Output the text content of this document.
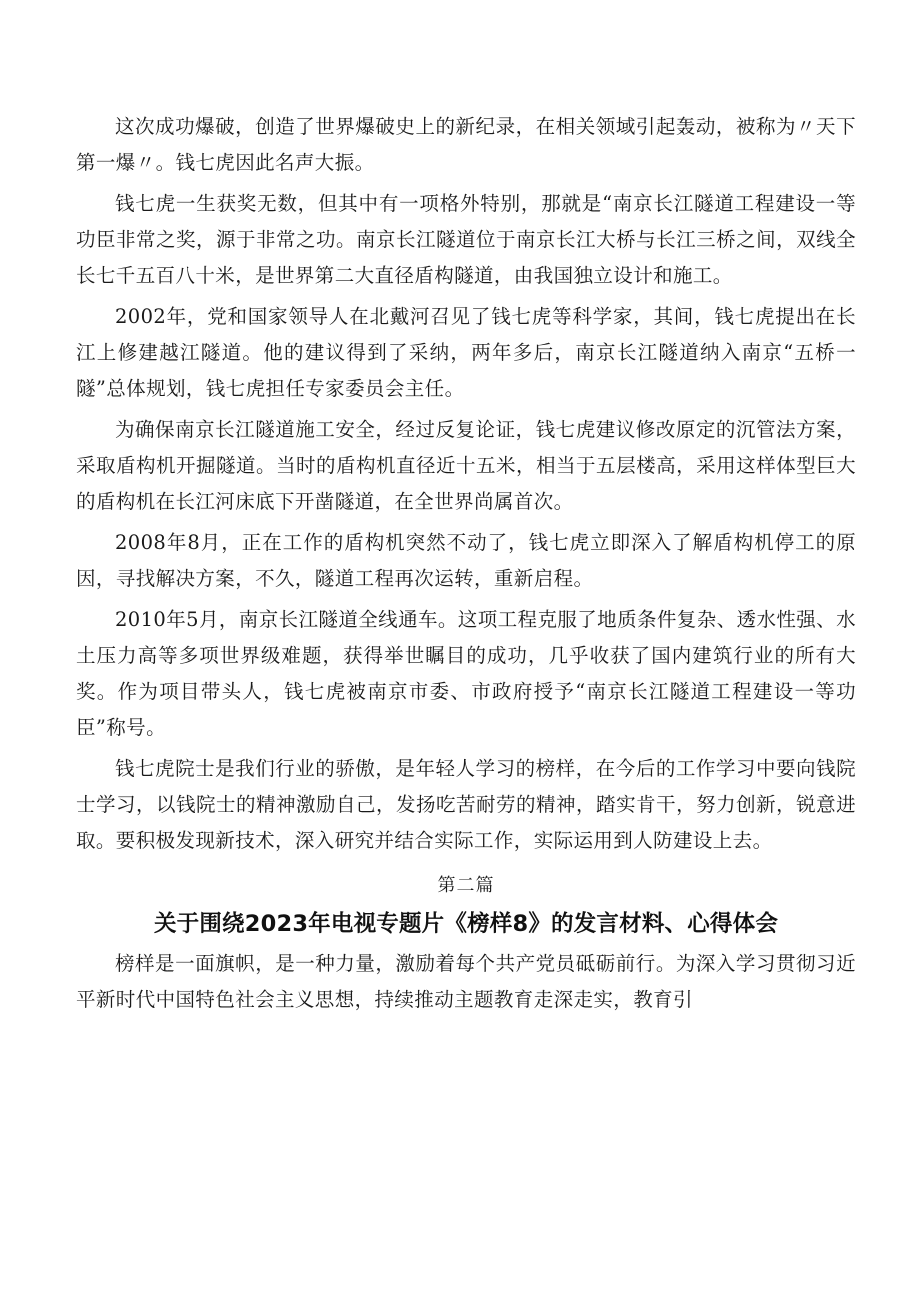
这次成功爆破，创造了世界爆破史上的新纪录，在相关领域引起轰动，被称为〃天下第一爆〃。钱七虎因此名声大振。

钱七虎一生获奖无数，但其中有一项格外特别，那就是“南京长江隧道工程建设一等功臣非常之奖，源于非常之功。南京长江隧道位于南京长江大桥与长江三桥之间，双线全长七千五百八十米，是世界第二大直径盾构隧道，由我国独立设计和施工。

2002年，党和国家领导人在北戴河召见了钱七虎等科学家，其间，钱七虎提出在长江上修建越江隧道。他的建议得到了采纳，两年多后，南京长江隧道纳入南京“五桥一隧”总体规划，钱七虎担任专家委员会主任。

为确保南京长江隧道施工安全，经过反复论证，钱七虎建议修改原定的沉管法方案，采取盾构机开掘隧道。当时的盾构机直径近十五米，相当于五层楼高，采用这样体型巨大的盾构机在长江河床底下开凿隧道，在全世界尚属首次。

2008年8月，正在工作的盾构机突然不动了，钱七虎立即深入了解盾构机停工的原因，寻找解决方案，不久，隧道工程再次运转，重新启程。

2010年5月，南京长江隧道全线通车。这项工程克服了地质条件复杂、透水性强、水土压力高等多项世界级难题，获得举世瞩目的成功，几乎收获了国内建筑行业的所有大奖。作为项目带头人，钱七虎被南京市委、市政府授予“南京长江隧道工程建设一等功臣”称号。

钱七虎院士是我们行业的骄傲，是年轻人学习的榜样，在今后的工作学习中要向钱院士学习，以钱院士的精神激励自己，发扬吃苦耐劳的精神，踏实肯干，努力创新，锐意进取。要积极发现新技术，深入研究并结合实际工作，实际运用到人防建设上去。

第二篇
关于围绕2023年电视专题片《榜样8》的发言材料、心得体会

榜样是一面旗帜，是一种力量，激励着每个共产党员砥砺前行。为深入学习贯彻习近平新时代中国特色社会主义思想，持续推动主题教育走深走实，教育引
